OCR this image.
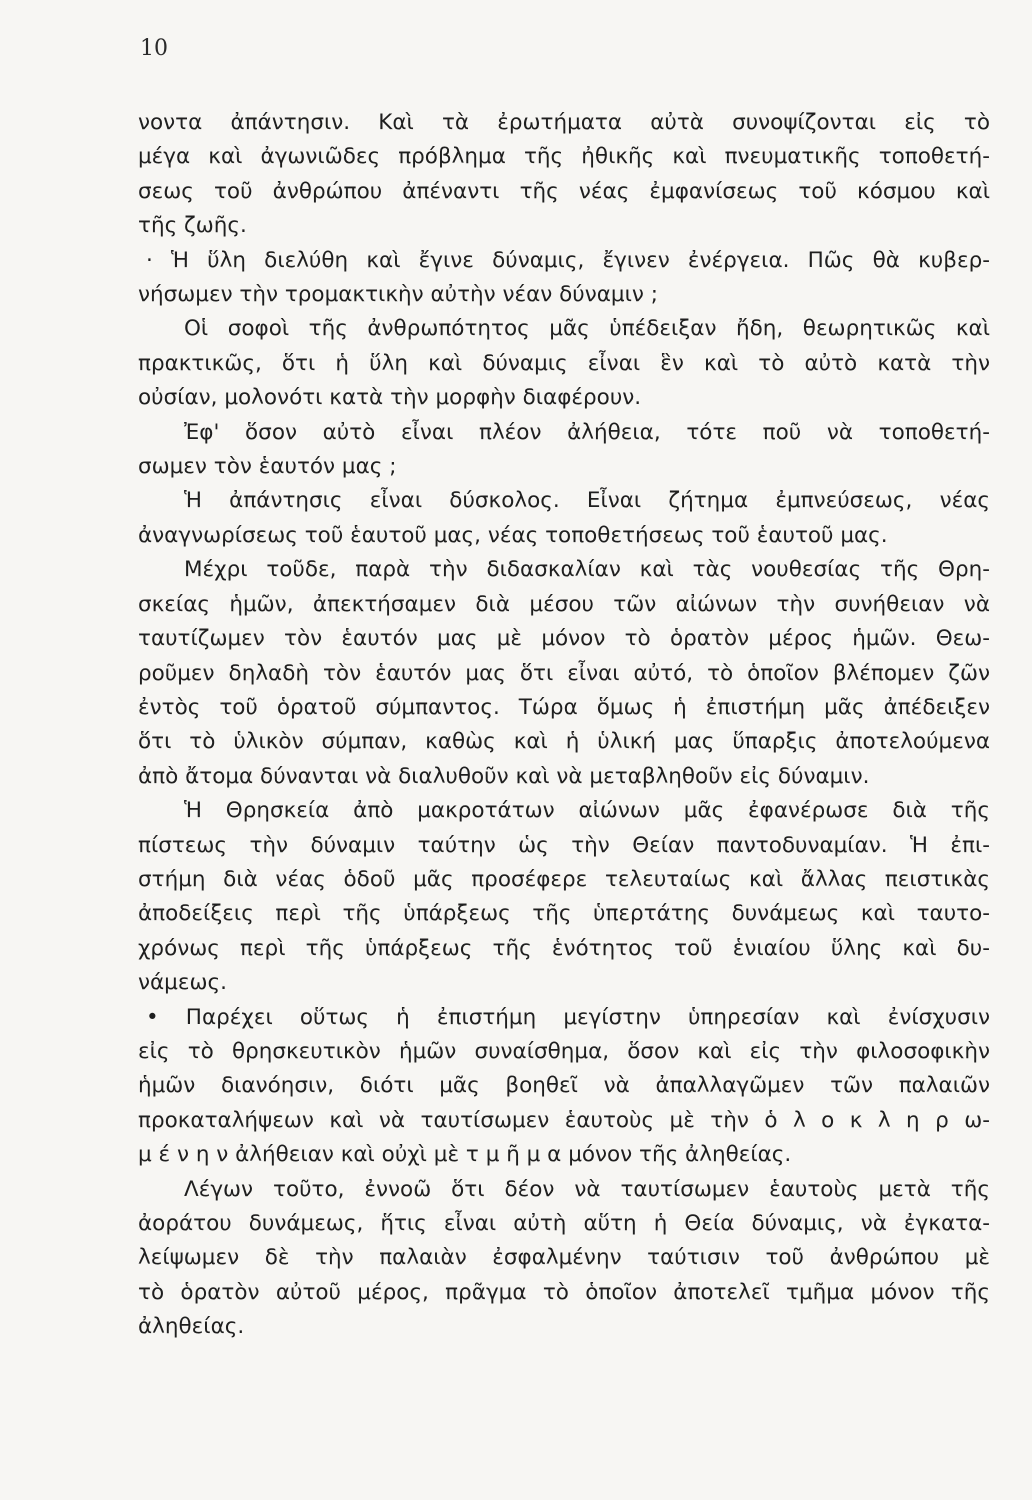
10
νοντα ἀπάντησιν. Καὶ τὰ ἐρωτήματα αὐτὰ συνοψίζονται εἰς τὸ
μέγα καὶ ἀγωνιῶδες πρόβλημα τῆς ἠθικῆς καὶ πνευματικῆς τοποθετή-
σεως τοῦ ἀνθρώπου ἀπέναντι τῆς νέας ἐμφανίσεως τοῦ κόσμου καὶ
τῆς ζωῆς.
· Ἡ ὕλη διελύθη καὶ ἔγινε δύναμις, ἔγινεν ἐνέργεια. Πῶς θὰ κυβερ-
νήσωμεν τὴν τρομακτικὴν αὐτὴν νέαν δύναμιν ;
Οἱ σοφοὶ τῆς ἀνθρωπότητος μᾶς ὑπέδειξαν ἤδη, θεωρητικῶς καὶ
πρακτικῶς, ὅτι ἡ ὕλη καὶ δύναμις εἶναι ἓν καὶ τὸ αὐτὸ κατὰ τὴν
οὐσίαν, μολονότι κατὰ τὴν μορφὴν διαφέρουν.
Ἐφ' ὅσον αὐτὸ εἶναι πλέον ἀλήθεια, τότε ποῦ νὰ τοποθετή-
σωμεν τὸν ἑαυτόν μας ;
Ἡ ἀπάντησις εἶναι δύσκολος. Εἶναι ζήτημα ἐμπνεύσεως, νέας
ἀναγνωρίσεως τοῦ ἑαυτοῦ μας, νέας τοποθετήσεως τοῦ ἑαυτοῦ μας.
Μέχρι τοῦδε, παρὰ τὴν διδασκαλίαν καὶ τὰς νουθεσίας τῆς Θρη-
σκείας ἡμῶν, ἀπεκτήσαμεν διὰ μέσου τῶν αἰώνων τὴν συνήθειαν νὰ
ταυτίζωμεν τὸν ἑαυτόν μας μὲ μόνον τὸ ὁρατὸν μέρος ἡμῶν. Θεω-
ροῦμεν δηλαδὴ τὸν ἑαυτόν μας ὅτι εἶναι αὐτό, τὸ ὁποῖον βλέπομεν ζῶν
ἐντὸς τοῦ ὁρατοῦ σύμπαντος. Τώρα ὅμως ἡ ἐπιστήμη μᾶς ἀπέδειξεν
ὅτι τὸ ὑλικὸν σύμπαν, καθὼς καὶ ἡ ὑλική μας ὕπαρξις ἀποτελούμενα
ἀπὸ ἄτομα δύνανται νὰ διαλυθοῦν καὶ νὰ μεταβληθοῦν εἰς δύναμιν.
Ἡ Θρησκεία ἀπὸ μακροτάτων αἰώνων μᾶς ἐφανέρωσε διὰ τῆς
πίστεως τὴν δύναμιν ταύτην ὡς τὴν Θείαν παντοδυναμίαν. Ἡ ἐπι-
στήμη διὰ νέας ὁδοῦ μᾶς προσέφερε τελευταίως καὶ ἄλλας πειστικὰς
ἀποδείξεις περὶ τῆς ὑπάρξεως τῆς ὑπερτάτης δυνάμεως καὶ ταυτο-
χρόνως περὶ τῆς ὑπάρξεως τῆς ἑνότητος τοῦ ἑνιαίου ὕλης καὶ δυ-
νάμεως.
• Παρέχει οὕτως ἡ ἐπιστήμη μεγίστην ὑπηρεσίαν καὶ ἐνίσχυσιν
εἰς τὸ θρησκευτικὸν ἡμῶν συναίσθημα, ὅσον καὶ εἰς τὴν φιλοσοφικὴν
ἡμῶν διανόησιν, διότι μᾶς βοηθεῖ νὰ ἀπαλλαγῶμεν τῶν παλαιῶν
προκαταλήψεων καὶ νὰ ταυτίσωμεν ἑαυτοὺς μὲ τὴν ὁ λ ο κ λ η ρ ω-
μ έ ν η ν ἀλήθειαν καὶ οὐχὶ μὲ τ μ ῆ μ α μόνον τῆς ἀληθείας.
Λέγων τοῦτο, ἐννοῶ ὅτι δέον νὰ ταυτίσωμεν ἑαυτοὺς μετὰ τῆς
ἀοράτου δυνάμεως, ἥτις εἶναι αὐτὴ αὕτη ἡ Θεία δύναμις, νὰ ἐγκατα-
λείψωμεν δὲ τὴν παλαιὰν ἐσφαλμένην ταύτισιν τοῦ ἀνθρώπου μὲ
τὸ ὁρατὸν αὐτοῦ μέρος, πρᾶγμα τὸ ὁποῖον ἀποτελεῖ τμῆμα μόνον τῆς
ἀληθείας.
